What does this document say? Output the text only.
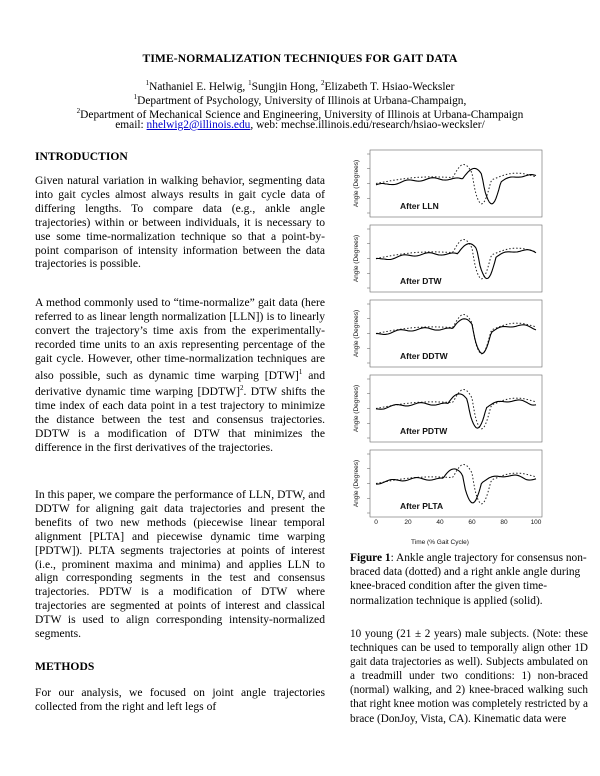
TIME-NORMALIZATION TECHNIQUES FOR GAIT DATA
$^1$Nathaniel E. Helwig, $^1$Sungjin Hong, $^2$Elizabeth T. Hsiao-Wecksler
$^1$Department of Psychology, University of Illinois at Urbana-Champaign,
$^2$Department of Mechanical Science and Engineering, University of Illinois at Urbana-Champaign
email: nhelwig2@illinois.edu, web: mechse.illinois.edu/research/hsiao-wecksler/
INTRODUCTION

Given natural variation in walking behavior, segmenting data into gait cycles almost always results in gait cycle data of differing lengths. To compare data (e.g., ankle angle trajectories) within or between individuals, it is necessary to use some time-normalization technique so that a point-by-point comparison of intensity information between the data trajectories is possible.

A method commonly used to “time-normalize” gait data (here referred to as linear length normalization [LLN]) is to linearly convert the trajectory’s time axis from the experimentally-recorded time units to an axis representing percentage of the gait cycle. However, other time-normalization techniques are also possible, such as dynamic time warping [DTW]$^1$ and derivative dynamic time warping [DDTW]$^2$. DTW shifts the time index of each data point in a test trajectory to minimize the distance between the test and consensus trajectories. DDTW is a modification of DTW that minimizes the difference in the first derivatives of the trajectories.

In this paper, we compare the performance of LLN, DTW, and DDTW for aligning gait data trajectories and present the benefits of two new methods (piecewise linear temporal alignment [PLTA] and piecewise dynamic time warping [PDTW]). PLTA segments trajectories at points of interest (i.e., prominent maxima and minima) and applies LLN to align corresponding segments in the test and consensus trajectories. PDTW is a modification of DTW where trajectories are segmented at points of interest and classical DTW is used to align corresponding intensity-normalized segments.

METHODS

For our analysis, we focused on joint angle trajectories collected from the right and left legs of

Angle (Degrees)	After LLN
Angle (Degrees)	After DTW
Angle (Degrees)	After DDTW
Angle (Degrees)	After PDTW
Angle (Degrees)	After PLTA
0	20	40	60	80	100
Time (% Gait Cycle)
Figure 1: Ankle angle trajectory for consensus non-braced data (dotted) and a right ankle angle during knee-braced condition after the given time-normalization technique is applied (solid).
10 young (21 ± 2 years) male subjects. (Note: these techniques can be used to temporally align other 1D gait data trajectories as well). Subjects ambulated on a treadmill under two conditions: 1) non-braced (normal) walking, and 2) knee-braced walking such that right knee motion was completely restricted by a brace (DonJoy, Vista, CA). Kinematic data were
